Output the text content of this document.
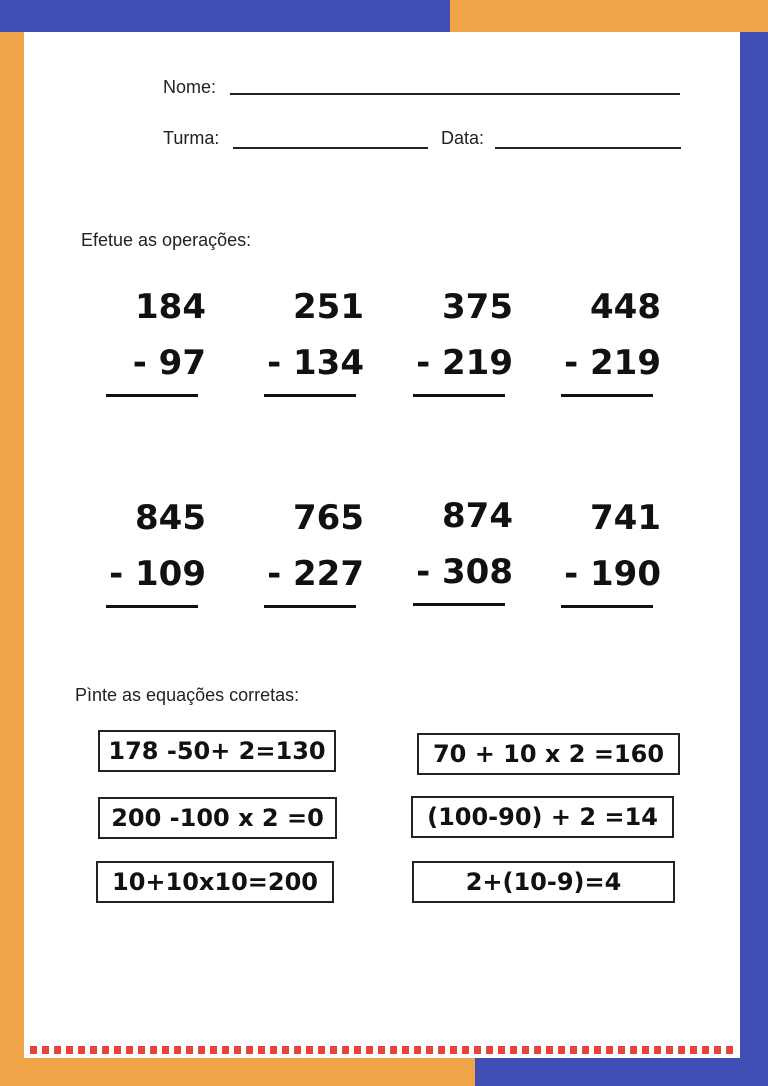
Nome:
Turma:	Data:
Efetue as operações:
184
- 97
251
- 134
375
- 219
448
- 219
845
- 109
765
- 227
874
- 308
741
- 190
Pìnte as equações corretas:
178 -50+ 2=130	70 + 10 x 2 =160
200 -100 x 2 =0	(100-90) + 2 =14
10+10x10=200	2+(10-9)=4
